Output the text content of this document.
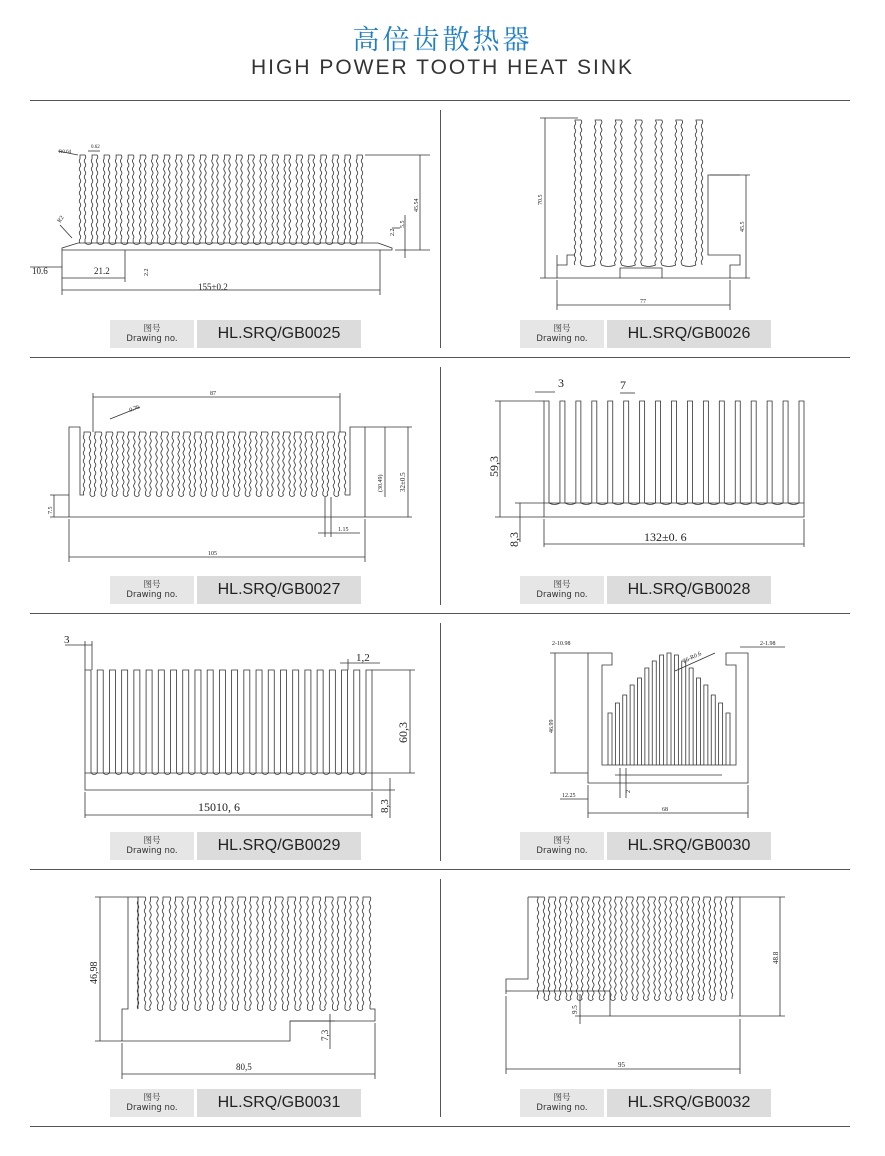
高倍齿散热器
HIGH POWER TOOTH HEAT SINK
R0.64
0.62
R2
45.54
5.5
2.2
10.6	21.2	2.2
155±0.2
图号
Drawing no.	HL.SRQ/GB0025
70.5
45.5
77
图号
Drawing no.	HL.SRQ/GB0026
87
0.76
(30.49) 32±0.5
7.5
1.15
105
图号
Drawing no.	HL.SRQ/GB0027
3	7
59,3
8,3	132±0. 6
图号
Drawing no.	HL.SRQ/GB0028
3
1,2
60,3
15010, 6	8,3
图号
Drawing no.	HL.SRQ/GB0029
2-10.98
26-R0.6
2-1.98
46.99
12.25
2
68
图号
Drawing no.	HL.SRQ/GB0030
46,98
7,3
80,5
图号
Drawing no.	HL.SRQ/GB0031
48.8
9.5
95
图号
Drawing no.	HL.SRQ/GB0032
